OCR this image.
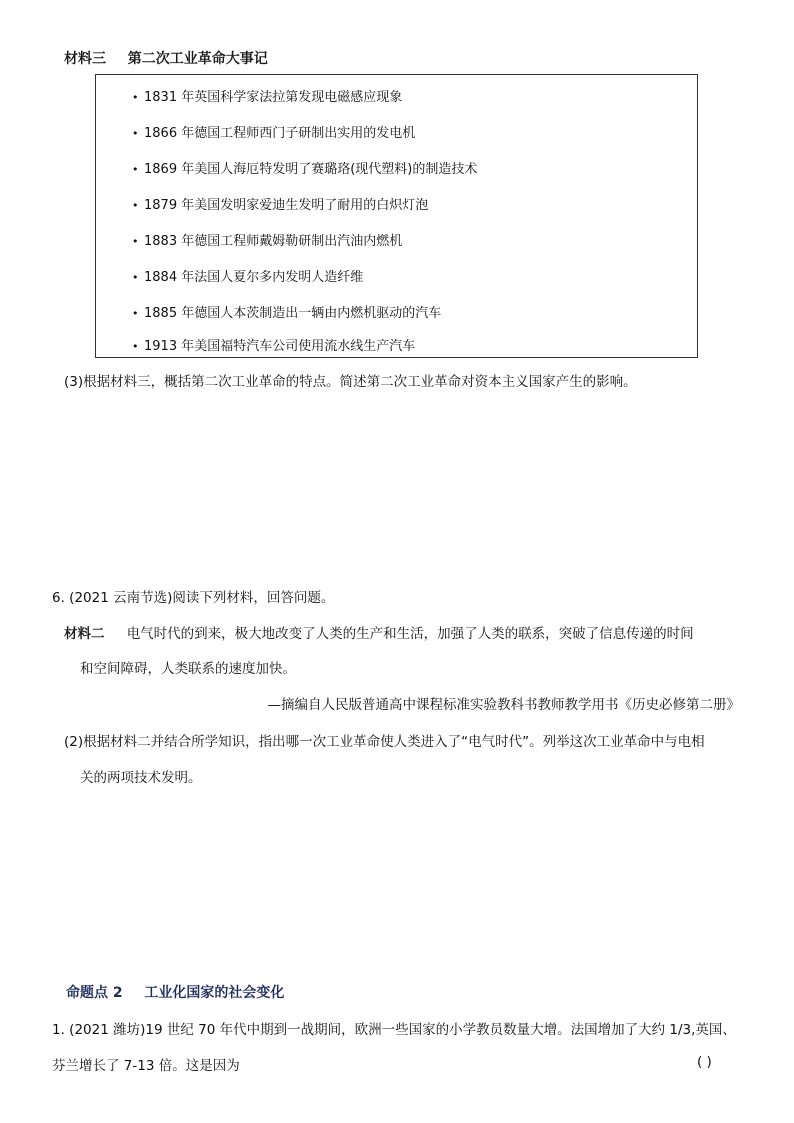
材料三 第二次工业革命大事记
• 1831 年英国科学家法拉第发现电磁感应现象
• 1866 年德国工程师西门子研制出实用的发电机
• 1869 年美国人海厄特发明了赛璐珞(现代塑料)的制造技术
• 1879 年美国发明家爱迪生发明了耐用的白炽灯泡
• 1883 年德国工程师戴姆勒研制出汽油内燃机
• 1884 年法国人夏尔多内发明人造纤维
• 1885 年德国人本茨制造出一辆由内燃机驱动的汽车
• 1913 年美国福特汽车公司使用流水线生产汽车
(3)根据材料三，概括第二次工业革命的特点。简述第二次工业革命对资本主义国家产生的影响。
6. (2021 云南节选)阅读下列材料，回答问题。
材料二 电气时代的到来，极大地改变了人类的生产和生活，加强了人类的联系，突破了信息传递的时间
和空间障碍，人类联系的速度加快。
—摘编自人民版普通高中课程标准实验教科书教师教学用书《历史必修第二册》
(2)根据材料二并结合所学知识，指出哪一次工业革命使人类进入了“电气时代”。列举这次工业革命中与电相
关的两项技术发明。
命题点 2 工业化国家的社会变化
1. (2021 潍坊)19 世纪 70 年代中期到一战期间，欧洲一些国家的小学教员数量大增。法国增加了大约 1/3,英国、
芬兰增长了 7-13 倍。这是因为	( )
